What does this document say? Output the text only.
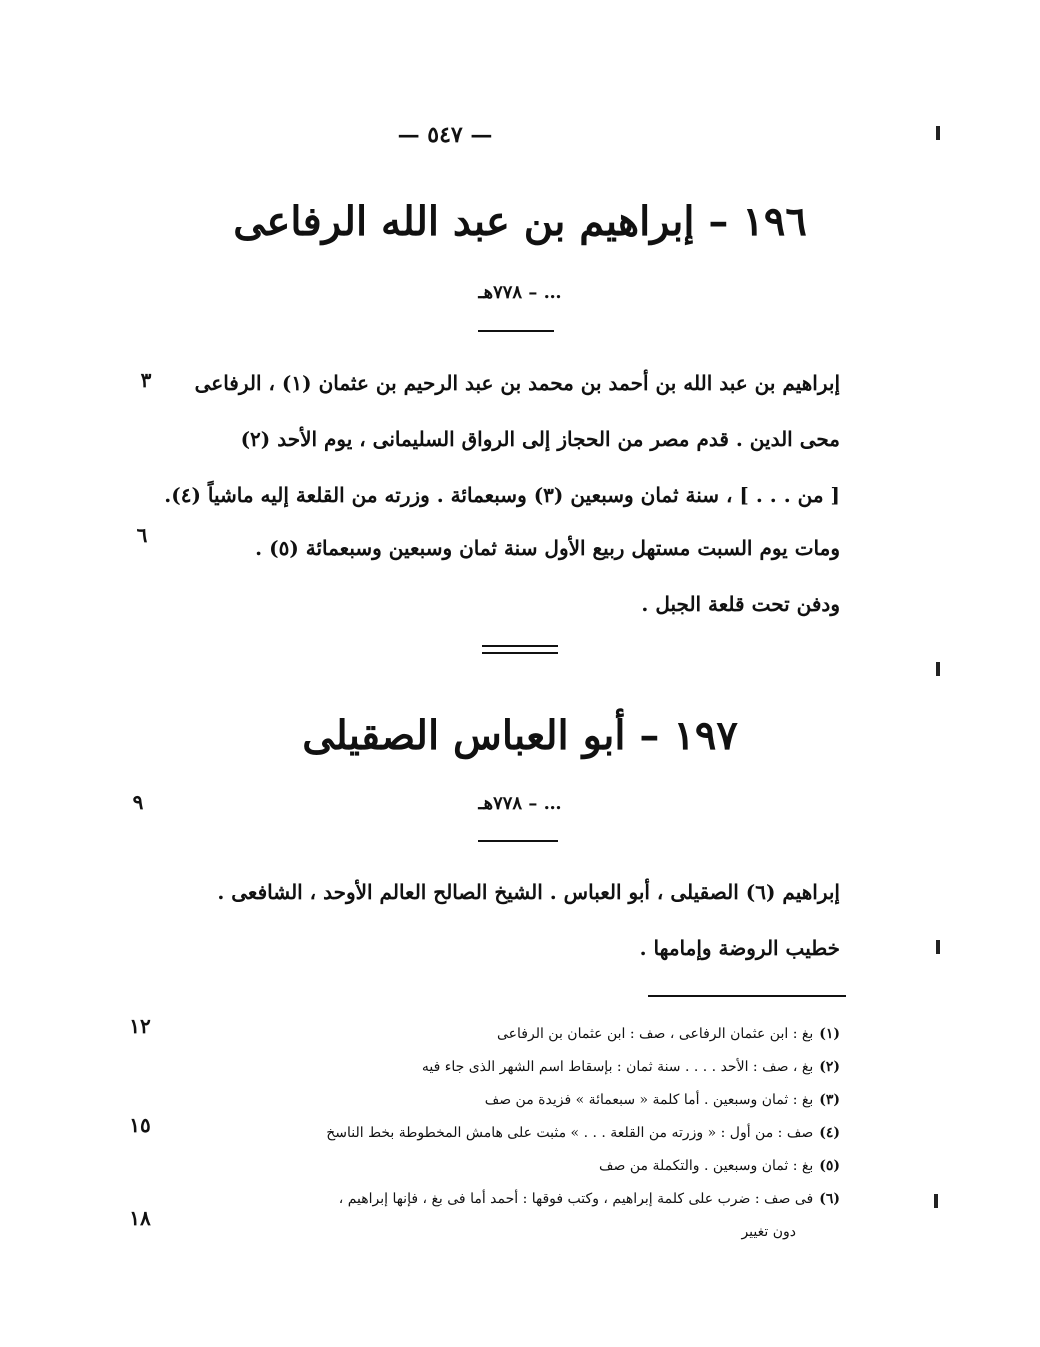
— ٥٤٧ —
١٩٦ – إبراهيم بن عبد الله الرفاعى
… – ٧٧٨هـ
إبراهيم بن عبد الله بن أحمد بن محمد بن عبد الرحيم بن عثمان (١) ، الرفاعى
محى الدين . قدم مصر من الحجاز إلى الرواق السليمانى ، يوم الأحد (٢)
[ من . . . ] ، سنة ثمان وسبعين (٣) وسبعمائة . وزرته من القلعة إليه ماشياً (٤).
ومات يوم السبت مستهل ربيع الأول سنة ثمان وسبعين وسبعمائة (٥) .
ودفن تحت قلعة الجبل .
١٩٧ – أبو العباس الصقيلى
… – ٧٧٨هـ
إبراهيم (٦) الصقيلى ، أبو العباس . الشيخ الصالح العالم الأوحد ، الشافعى .
خطيب الروضة وإمامها .
٣
٦
٩
١٢
١٥
١٨
(١)بغ : ابن عثمان الرفاعى ، صف : ابن عثمان بن الرفاعى
(٢)بغ ، صف : الأحد . . . . سنة ثمان : بإسقاط اسم الشهر الذى جاء فيه
(٣)بغ : ثمان وسبعين . أما كلمة « سبعمائة » فزيدة من صف
(٤)صف : من أول : « وزرته من القلعة . . . » مثبت على هامش المخطوطة بخط الناسخ
(٥)بغ : ثمان وسبعين . والتكملة من صف
(٦)فى صف : ضرب على كلمة إبراهيم ، وكتب فوقها : أحمد أما فى بغ ، فإنها إبراهيم ،
دون تغيير
